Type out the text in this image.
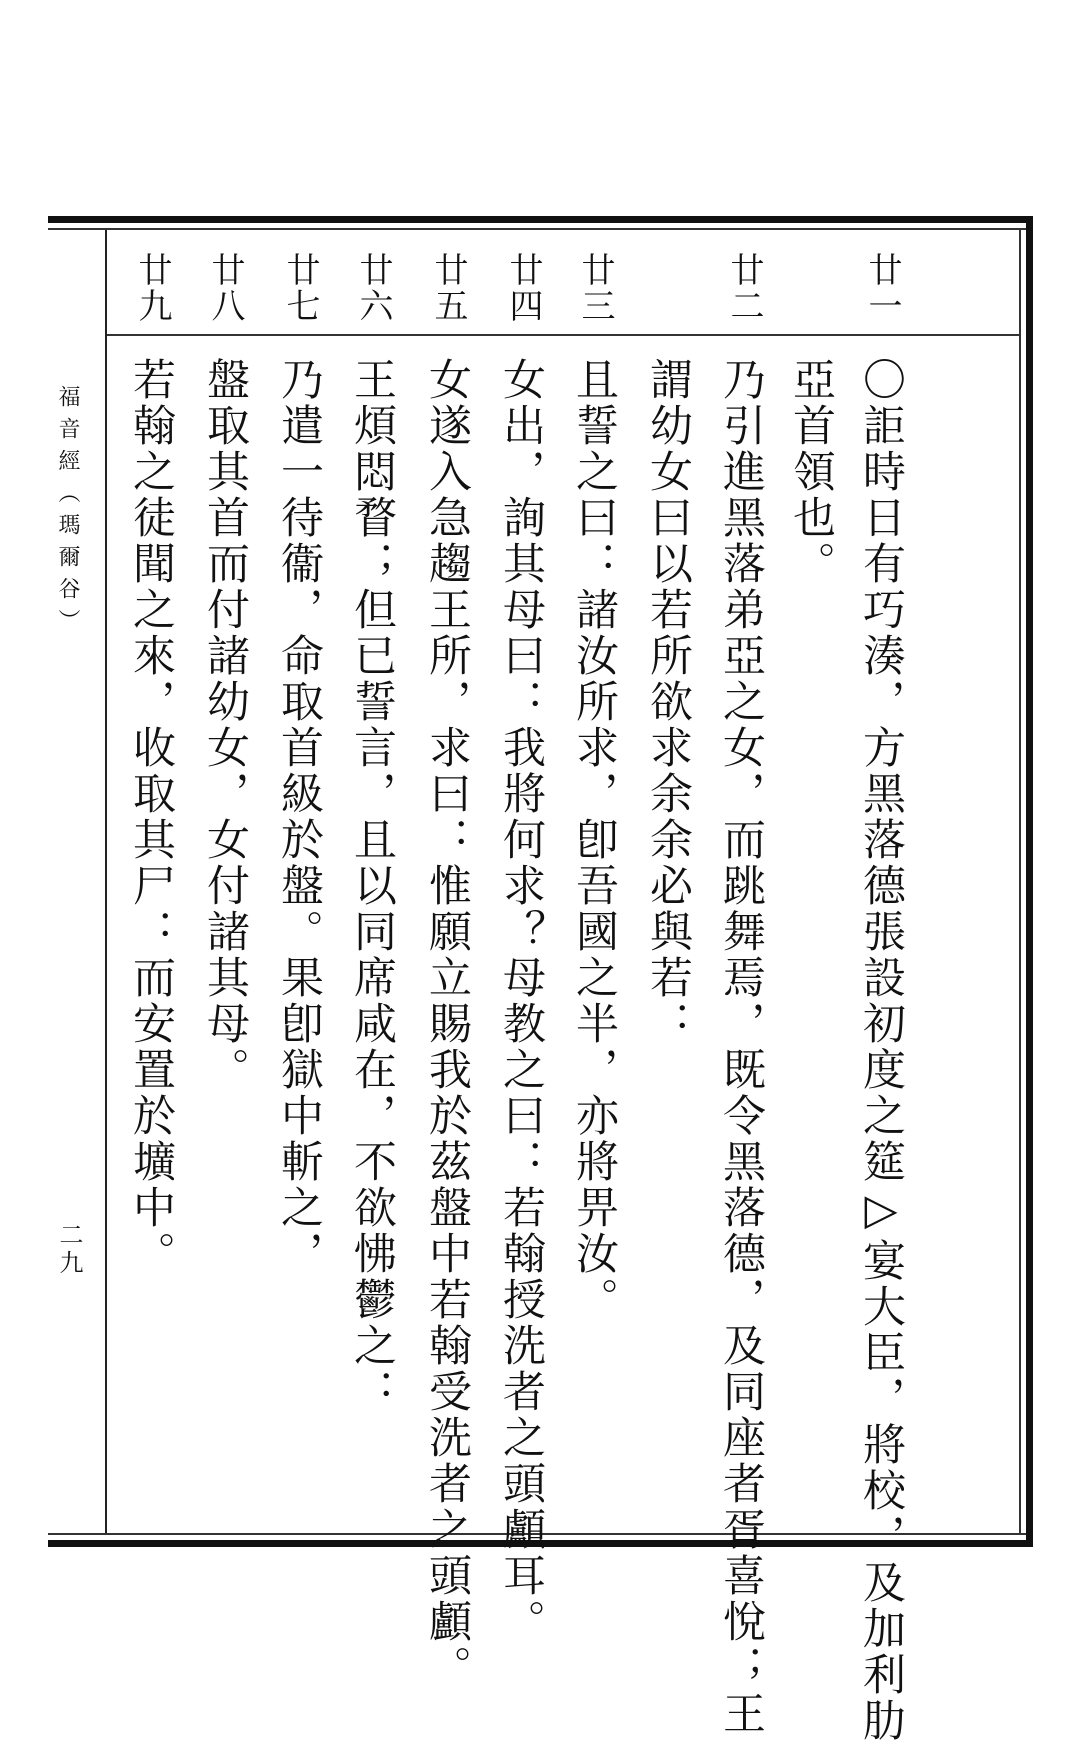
福音經（瑪爾谷）
二九
廿一
廿二
廿三
廿四
廿五
廿六
廿七
廿八
廿九
〇詎時日有巧湊，方黑落德張設初度之筵▷宴大臣，將校，及加利肋
亞首領也。
乃引進黑落弟亞之女，而跳舞焉，既令黑落德，及同座者胥喜悅；王
謂幼女曰以若所欲求余余必與若：
且誓之曰：諸汝所求，卽吾國之半，亦將畀汝。
女出，詢其母曰：我將何求？母教之曰：若翰授洗者之頭顱耳。
女遂入急趨王所，求曰：惟願立賜我於茲盤中若翰受洗者之頭顱。
王煩悶瞀；但已誓言，且以同席咸在，不欲怫鬱之：
乃遣一待衞，命取首級於盤。果卽獄中斬之，
盤取其首而付諸幼女，女付諸其母。
若翰之徒聞之來，收取其尸：而安置於壙中。
